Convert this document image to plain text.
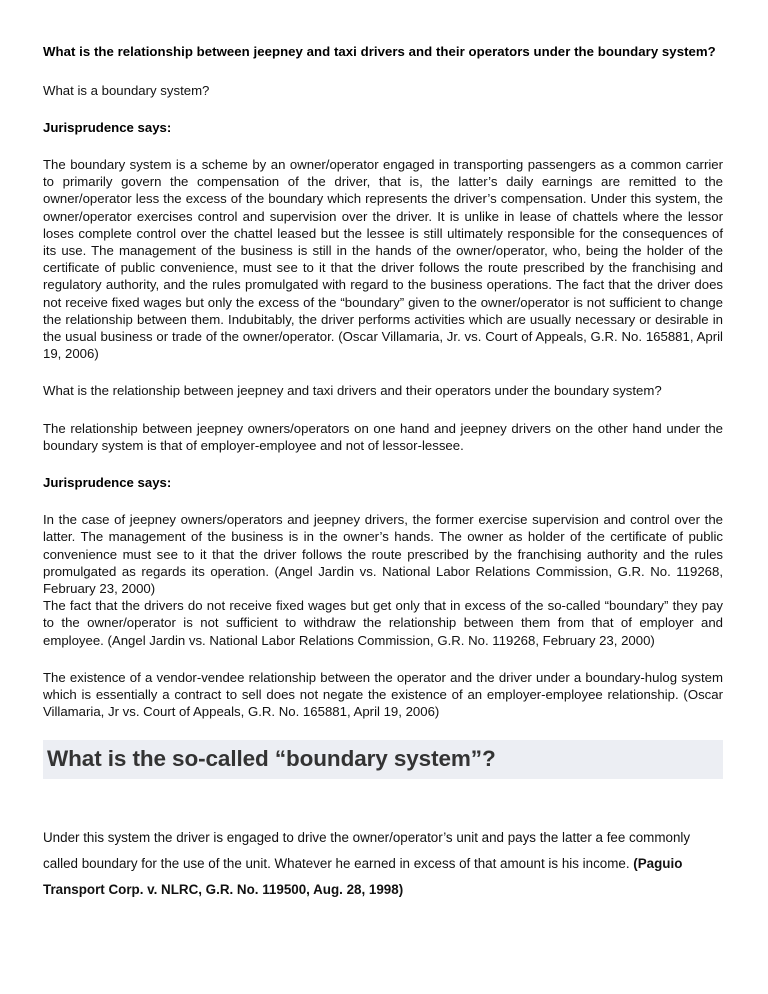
What is the relationship between jeepney and taxi drivers and their operators under the boundary system?

What is a boundary system?

Jurisprudence says:

The boundary system is a scheme by an owner/operator engaged in transporting passengers as a common carrier to primarily govern the compensation of the driver, that is, the latter’s daily earnings are remitted to the owner/operator less the excess of the boundary which represents the driver’s compensation. Under this system, the owner/operator exercises control and supervision over the driver. It is unlike in lease of chattels where the lessor loses complete control over the chattel leased but the lessee is still ultimately responsible for the consequences of its use. The management of the business is still in the hands of the owner/operator, who, being the holder of the certificate of public convenience, must see to it that the driver follows the route prescribed by the franchising and regulatory authority, and the rules promulgated with regard to the business operations. The fact that the driver does not receive fixed wages but only the excess of the “boundary” given to the owner/operator is not sufficient to change the relationship between them. Indubitably, the driver performs activities which are usually necessary or desirable in the usual business or trade of the owner/operator. (Oscar Villamaria, Jr. vs. Court of Appeals, G.R. No. 165881, April 19, 2006)

What is the relationship between jeepney and taxi drivers and their operators under the boundary system?

The relationship between jeepney owners/operators on one hand and jeepney drivers on the other hand under the boundary system is that of employer-employee and not of lessor-lessee.

Jurisprudence says:

In the case of jeepney owners/operators and jeepney drivers, the former exercise supervision and control over the latter. The management of the business is in the owner’s hands. The owner as holder of the certificate of public convenience must see to it that the driver follows the route prescribed by the franchising authority and the rules promulgated as regards its operation. (Angel Jardin vs. National Labor Relations Commission, G.R. No. 119268, February 23, 2000)

The fact that the drivers do not receive fixed wages but get only that in excess of the so-called “boundary” they pay to the owner/operator is not sufficient to withdraw the relationship between them from that of employer and employee. (Angel Jardin vs. National Labor Relations Commission, G.R. No. 119268, February 23, 2000)

The existence of a vendor-vendee relationship between the operator and the driver under a boundary-hulog system which is essentially a contract to sell does not negate the existence of an employer-employee relationship. (Oscar Villamaria, Jr vs. Court of Appeals, G.R. No. 165881, April 19, 2006)

What is the so-called “boundary system”?

Under this system the driver is engaged to drive the owner/operator’s unit and pays the latter a fee commonly called boundary for the use of the unit. Whatever he earned in excess of that amount is his income. (Paguio Transport Corp. v. NLRC, G.R. No. 119500, Aug. 28, 1998)
